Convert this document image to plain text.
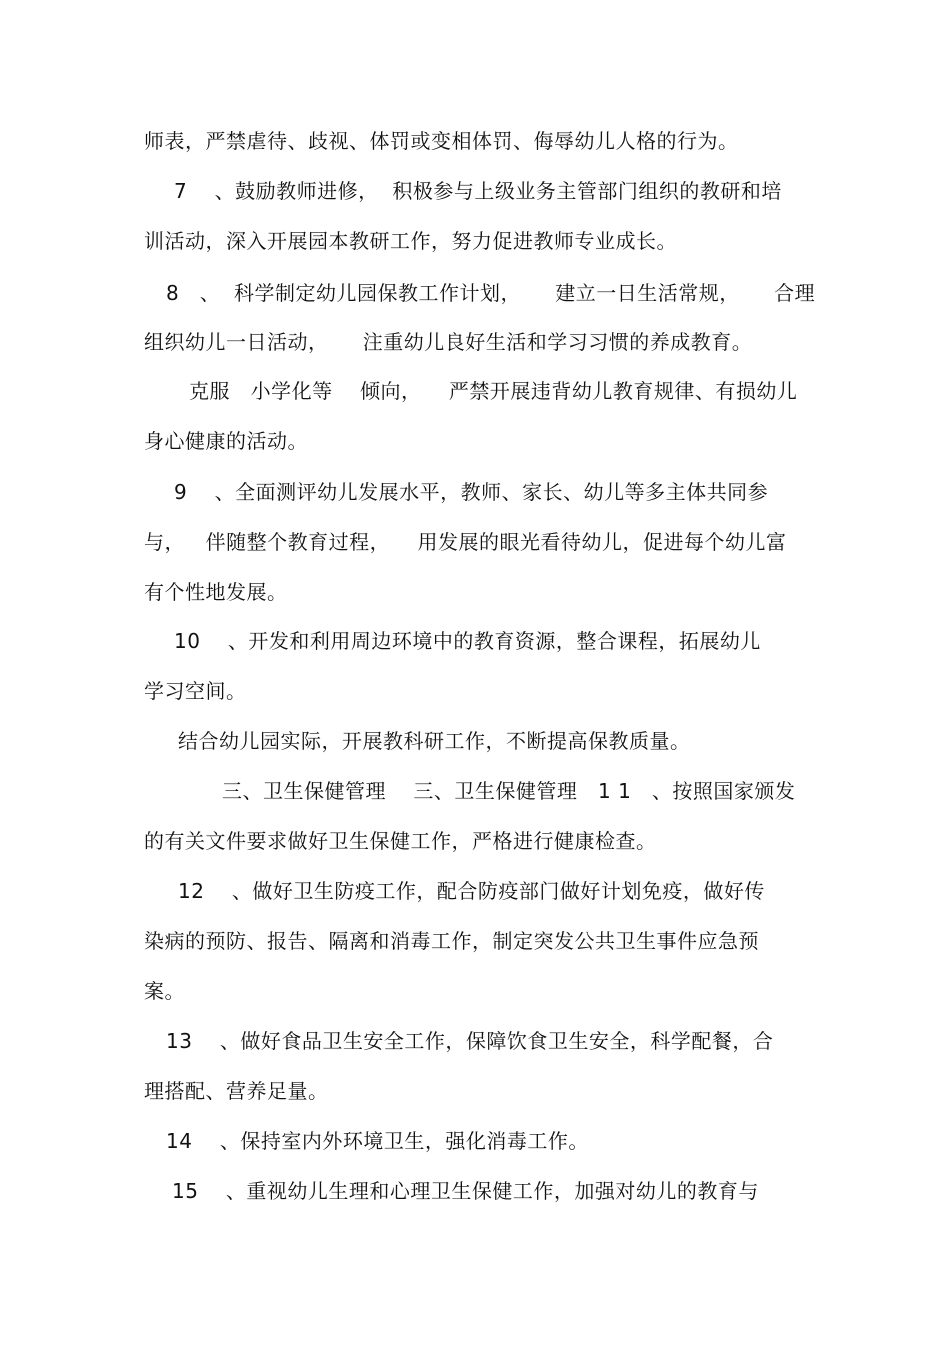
师表，严禁虐待、歧视、体罚或变相体罚、侮辱幼儿人格的行为。
7    、鼓励教师进修，  积极参与上级业务主管部门组织的教研和培
训活动，深入开展园本教研工作，努力促进教师专业成长。
8   、  科学制定幼儿园保教工作计划，     建立一日生活常规，     合理
组织幼儿一日活动，     注重幼儿良好生活和学习习惯的养成教育。
克服   小学化等    倾向，    严禁开展违背幼儿教育规律、有损幼儿
身心健康的活动。
9    、全面测评幼儿发展水平，教师、家长、幼儿等多主体共同参
与，   伴随整个教育过程，    用发展的眼光看待幼儿，促进每个幼儿富
有个性地发展。
10    、开发和利用周边环境中的教育资源，整合课程，拓展幼儿
学习空间。
结合幼儿园实际，开展教科研工作，不断提高保教质量。
三、卫生保健管理    三、卫生保健管理   1 1   、按照国家颁发
的有关文件要求做好卫生保健工作，严格进行健康检查。
12    、做好卫生防疫工作，配合防疫部门做好计划免疫，做好传
染病的预防、报告、隔离和消毒工作，制定突发公共卫生事件应急预
案。
13    、做好食品卫生安全工作，保障饮食卫生安全，科学配餐，合
理搭配、营养足量。
14    、保持室内外环境卫生，强化消毒工作。
15    、重视幼儿生理和心理卫生保健工作，加强对幼儿的教育与
